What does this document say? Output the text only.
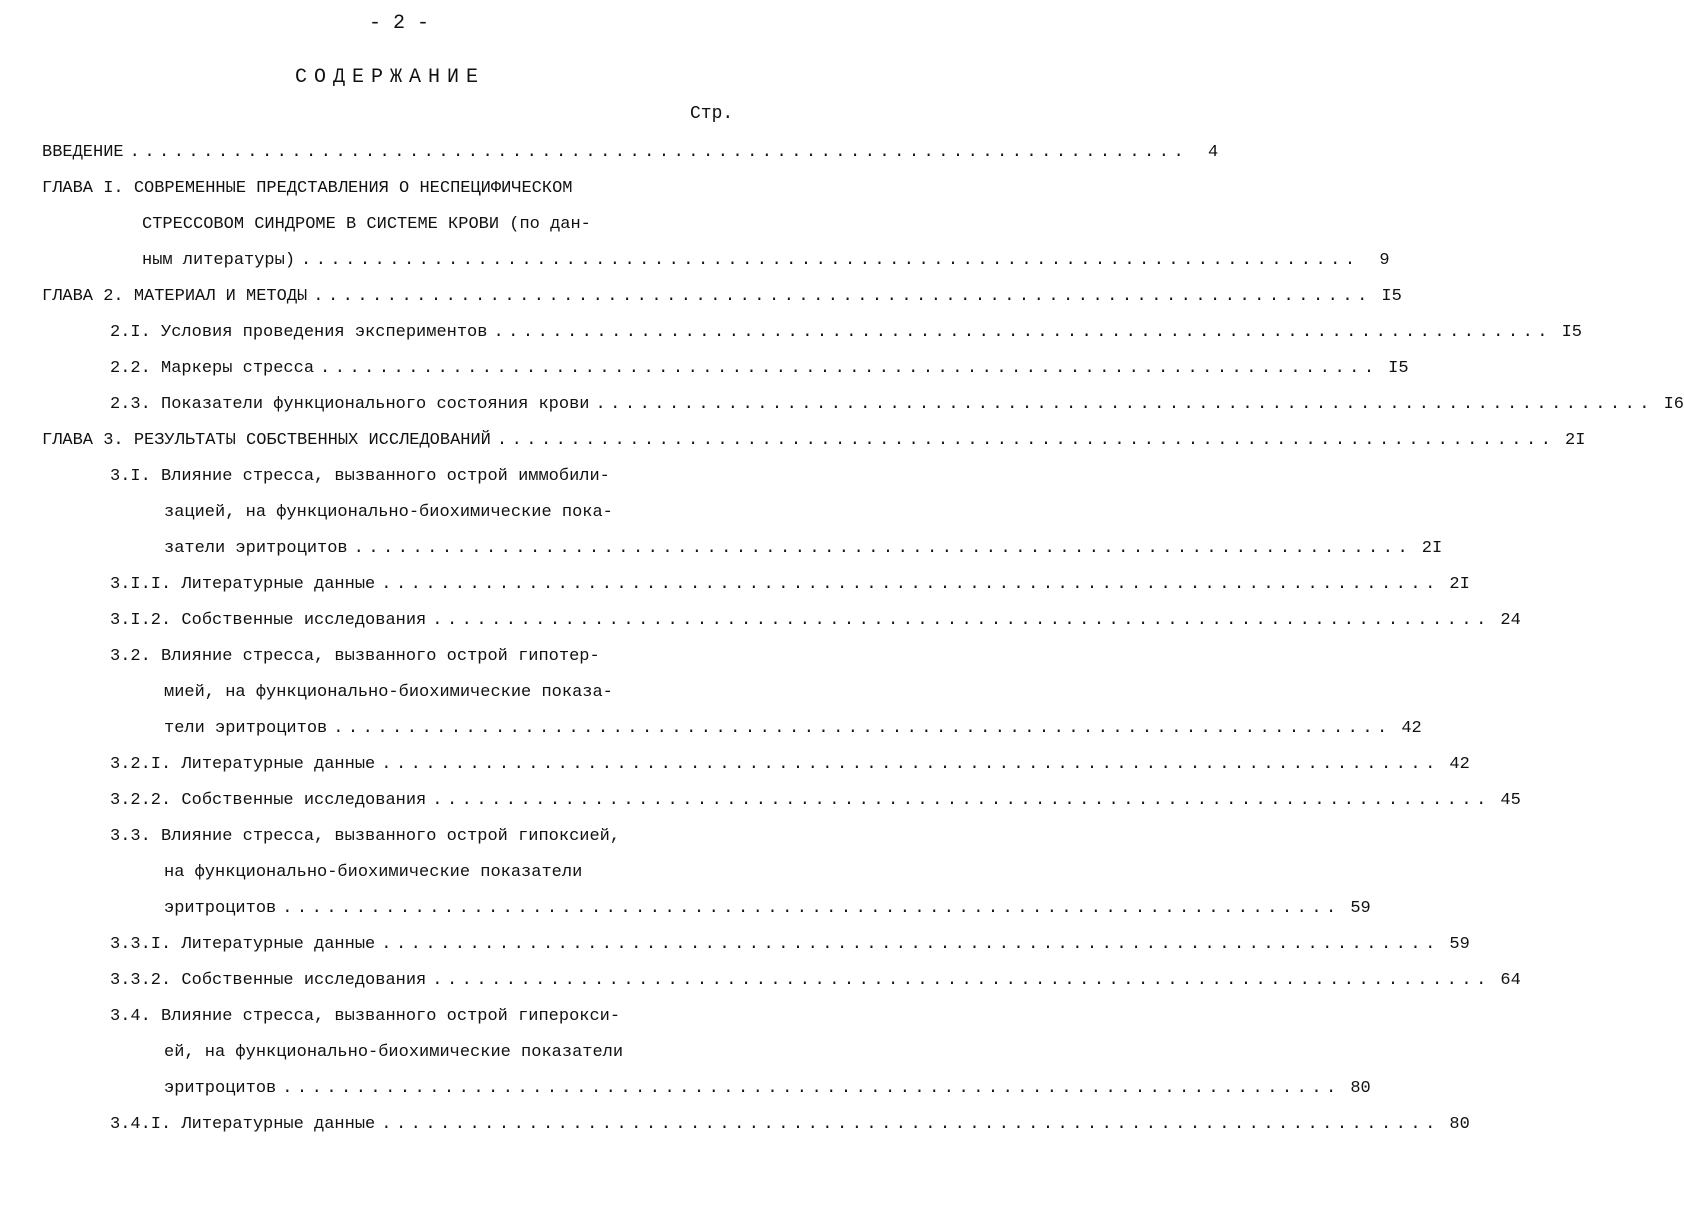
- 2 -
СОДЕРЖАНИЕ
Стр.
ВВЕДЕНИЕ ........................................................................	4
ГЛАВА I. СОВРЕМЕННЫЕ ПРЕДСТАВЛЕНИЯ О НЕСПЕЦИФИЧЕСКОМ
СТРЕССОВОМ СИНДРОМЕ В СИСТЕМЕ КРОВИ (по дан-
ным литературы) ........................................................................	9
ГЛАВА 2. МАТЕРИАЛ И МЕТОДЫ ........................................................................ I5
2.I. Условия проведения экспериментов ........................................................................ I5
2.2. Маркеры стресса ........................................................................ I5
2.3. Показатели функционального состояния крови ........................................................................ I6
ГЛАВА 3. РЕЗУЛЬТАТЫ СОБСТВЕННЫХ ИССЛЕДОВАНИЙ ........................................................................ 2I
3.I. Влияние стресса, вызванного острой иммобили-
зацией, на функционально-биохимические пока-
затели эритроцитов ........................................................................ 2I
3.I.I. Литературные данные ........................................................................ 2I
3.I.2. Собственные исследования ........................................................................ 24
3.2. Влияние стресса, вызванного острой гипотер-
мией, на функционально-биохимические показа-
тели эритроцитов ........................................................................ 42
3.2.I. Литературные данные ........................................................................ 42
3.2.2. Собственные исследования ........................................................................ 45
3.3. Влияние стресса, вызванного острой гипоксией,
на функционально-биохимические показатели
эритроцитов ........................................................................ 59
3.3.I. Литературные данные ........................................................................ 59
3.3.2. Собственные исследования ........................................................................ 64
3.4. Влияние стресса, вызванного острой гиперокси-
ей, на функционально-биохимические показатели
эритроцитов ........................................................................ 80
3.4.I. Литературные данные ........................................................................ 80
